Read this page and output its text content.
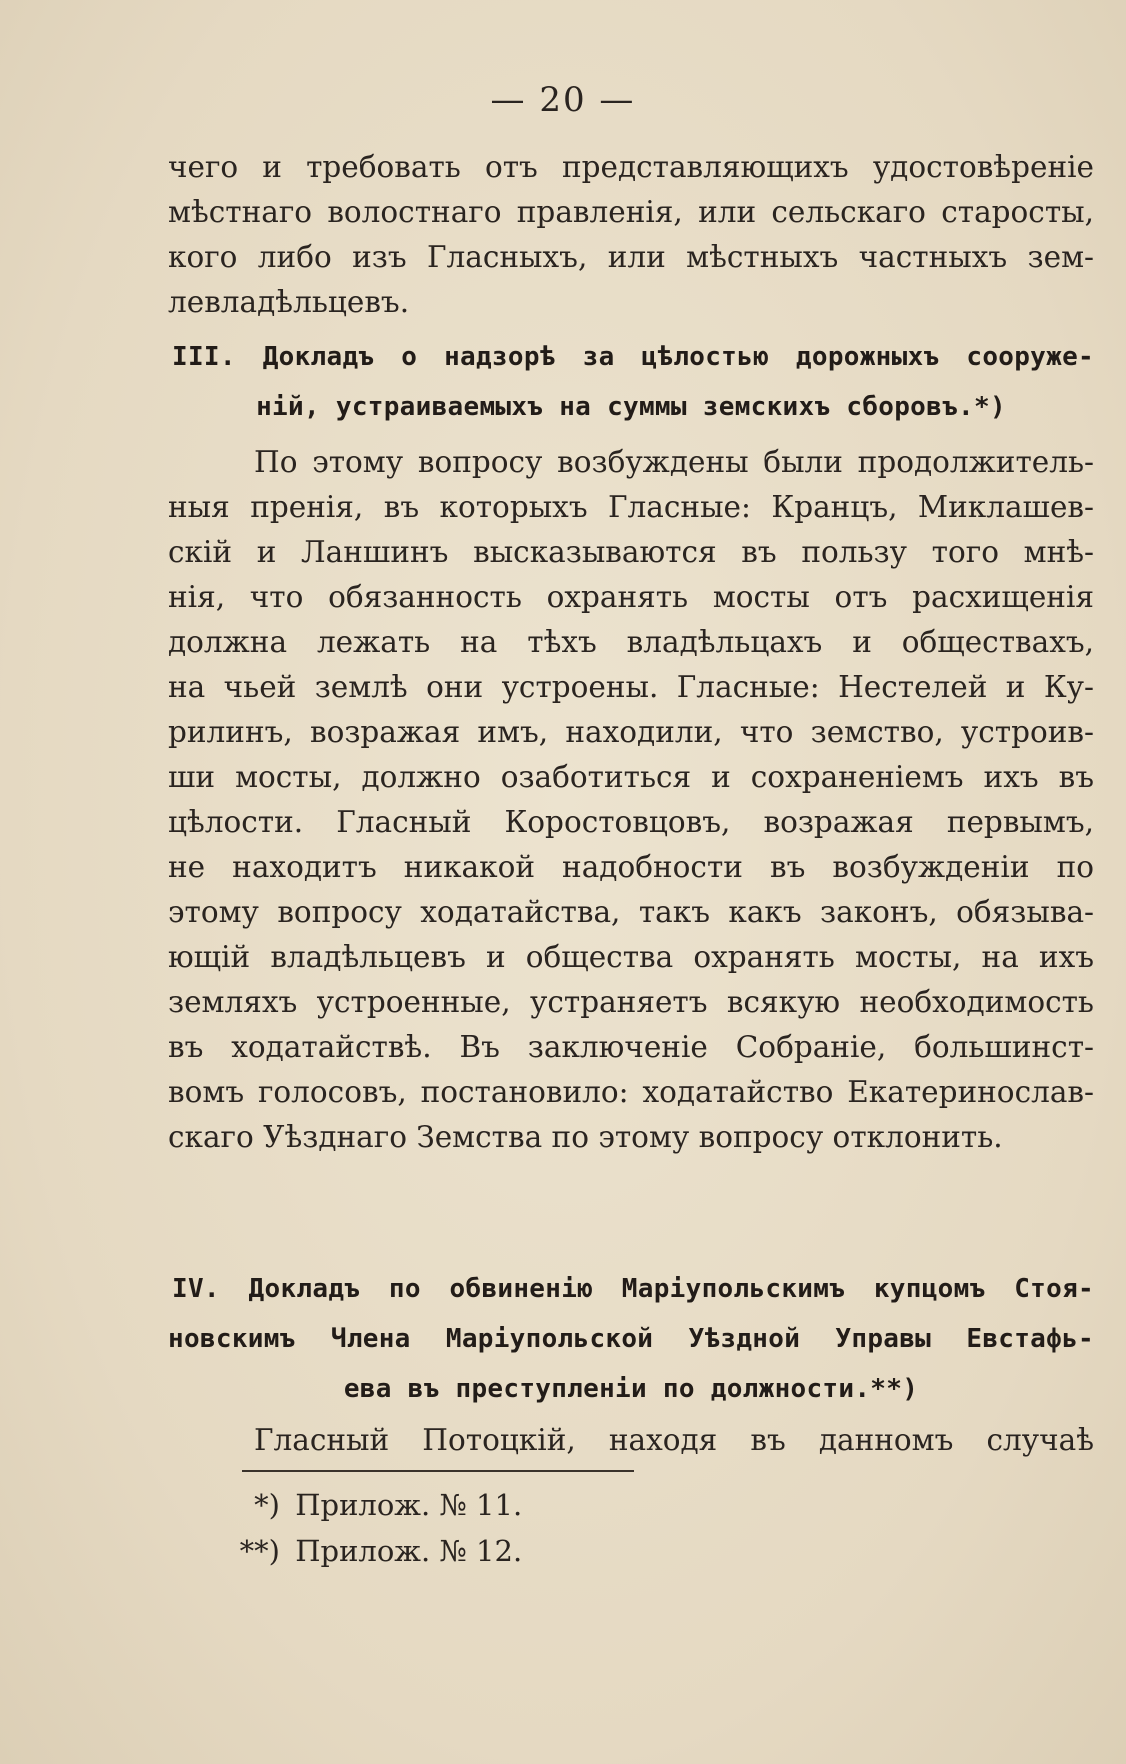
— 20 —
чего и требовать отъ представляющихъ удостовѣреніе
мѣстнаго волостнаго правленія, или сельскаго старосты,
кого либо изъ Гласныхъ, или мѣстныхъ частныхъ зем-
левладѣльцевъ.
III. Докладъ о надзорѣ за цѣлостью дорожныхъ сооруже-
ній, устраиваемыхъ на суммы земскихъ сборовъ.*)
По этому вопросу возбуждены были продолжитель-
ныя пренія, въ которыхъ Гласные: Кранцъ, Миклашев-
скій и Ланшинъ высказываются въ пользу того мнѣ-
нія, что обязанность охранять мосты отъ расхищенія
должна лежать на тѣхъ владѣльцахъ и обществахъ,
на чьей землѣ они устроены. Гласные: Нестелей и Ку-
рилинъ, возражая имъ, находили, что земство, устроив-
ши мосты, должно озаботиться и сохраненіемъ ихъ въ
цѣлости. Гласный Коростовцовъ, возражая первымъ,
не находитъ никакой надобности въ возбужденіи по
этому вопросу ходатайства, такъ какъ законъ, обязыва-
ющій владѣльцевъ и общества охранять мосты, на ихъ
земляхъ устроенные, устраняетъ всякую необходимость
въ ходатайствѣ. Въ заключеніе Собраніе, большинст-
вомъ голосовъ, постановило: ходатайство Екатеринослав-
скаго Уѣзднаго Земства по этому вопросу отклонить.
IV. Докладъ по обвиненію Маріупольскимъ купцомъ Стоя-
новскимъ Члена Маріупольской Уѣздной Управы Евстафь-
ева въ преступленіи по должности.**)
Гласный Потоцкій, находя въ данномъ случаѣ
*) Прилож. № 11.
**) Прилож. № 12.
